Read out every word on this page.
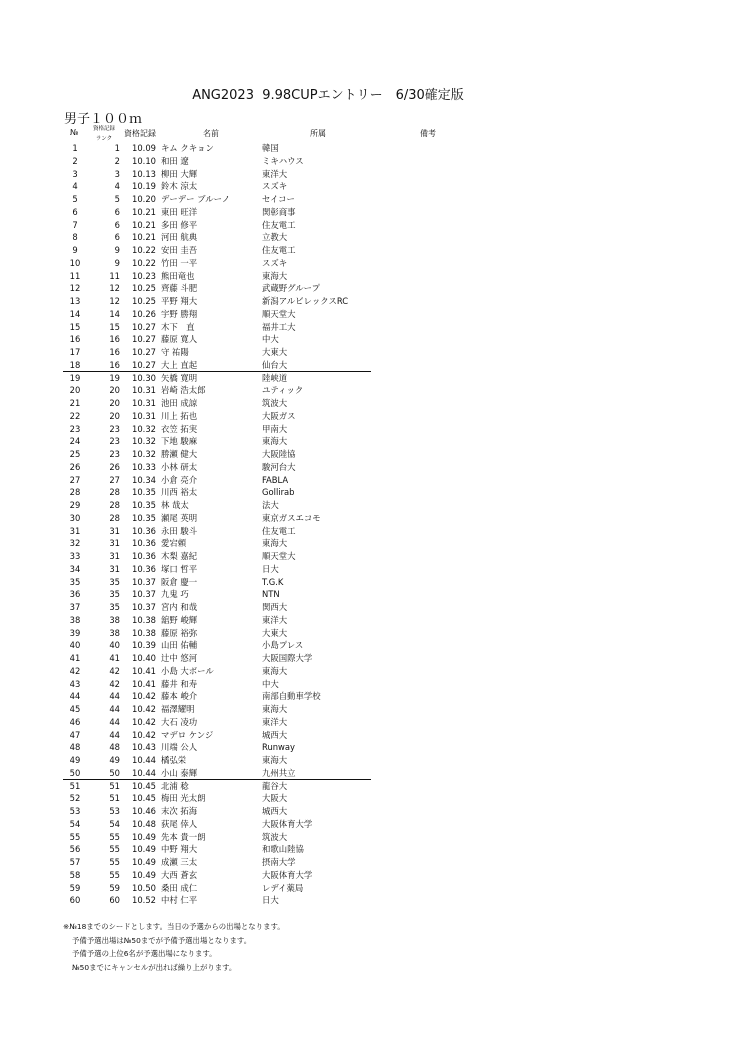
ANG2023  9.98CUPエントリー　6/30確定版
男子１００ｍ
№	資格記録
ランク
資格記録	名前	所属	備考
1	1	10.09 キム クキョン	韓国
2	2	10.10 和田 遼	ミキハウス
3	3	10.13 柳田 大輝	東洋大
4	4	10.19 鈴木 涼太	スズキ
5	5	10.20 デーデー ブルーノ	セイコー
6	6	10.21 東田 旺洋	関彰商事
7	6	10.21 多田 修平	住友電工
8	6	10.21 河田 航典	立教大
9	9	10.22 安田 圭吾	住友電工
10	9	10.22 竹田 一平	スズキ
11	11	10.23 熊田竜也	東海大
12	12	10.25 齊藤 斗肥	武蔵野グループ
13	12	10.25 平野 翔大	新潟アルビレックスRC
14	14	10.26 宇野 勝翔	順天堂大
15	15	10.27 木下　直	福井工大
16	16	10.27 藤原 寛人	中大
17	16	10.27 守 祐陽	大東大
18	16	10.27 大上 直起	仙台大
19	19	10.30 矢橋 寛明	陸峡道
20	20	10.31 岩崎 浩太郎	ユティック
21	20	10.31 池田 成諒	筑波大
22	20	10.31 川上 拓也	大阪ガス
23	23	10.32 衣笠 拓実	甲南大
24	23	10.32 下地 駿麻	東海大
25	23	10.32 勝瀬 健大	大阪陸協
26	26	10.33 小林 研太	駿河台大
27	27	10.34 小倉 亮介	FABLA
28	28	10.35 川西 裕太	Gollirab
29	28	10.35 林 哉太	法大
30	28	10.35 瀬尾 英明	東京ガスエコモ
31	31	10.36 永田 駿斗	住友電工
32	31	10.36 愛宕頼	東海大
33	31	10.36 木梨 嘉紀	順天堂大
34	31	10.36 塚口 哲平	日大
35	35	10.37 阪倉 慶一	T.G.K
36	35	10.37 九鬼 巧	NTN
37	35	10.37 宮内 和哉	関西大
38	38	10.38 舘野 峻輝	東洋大
39	38	10.38 藤原 裕弥	大東大
40	40	10.39 山田 佑輔	小島プレス
41	41	10.40 辻中 悠河	大阪国際大学
42	42	10.41 小島 大ボール	東海大
43	42	10.41 藤井 和寿	中大
44	44	10.42 藤本 峻介	南部自動車学校
45	44	10.42 福澤耀明	東海大
46	44	10.42 大石 凌功	東洋大
47	44	10.42 マデロ ケンジ	城西大
48	48	10.43 川端 公人	Runway
49	49	10.44 橘弘栄	東海大
50	50	10.44 小山 泰輝	九州共立
51	51	10.45 北浦 稔	龍谷大
52	51	10.45 梅田 光太朗	大阪大
53	53	10.46 末次 拓海	城西大
54	54	10.48 荻尾 倖人	大阪体育大学
55	55	10.49 先本 貴一朗	筑波大
56	55	10.49 中野 翔大	和歌山陸協
57	55	10.49 成瀬 三太	摂南大学
58	55	10.49 大西 蒼玄	大阪体育大学
59	59	10.50 桑田 成仁	レデイ薬局
60	60	10.52 中村 仁平	日大
※№18までのシードとします。当日の予選からの出場となります。
予備予選出場は№50までが予備予選出場となります。
予備予選の上位6名が予選出場になります。
№50までにキャンセルが出れば繰り上がります。
